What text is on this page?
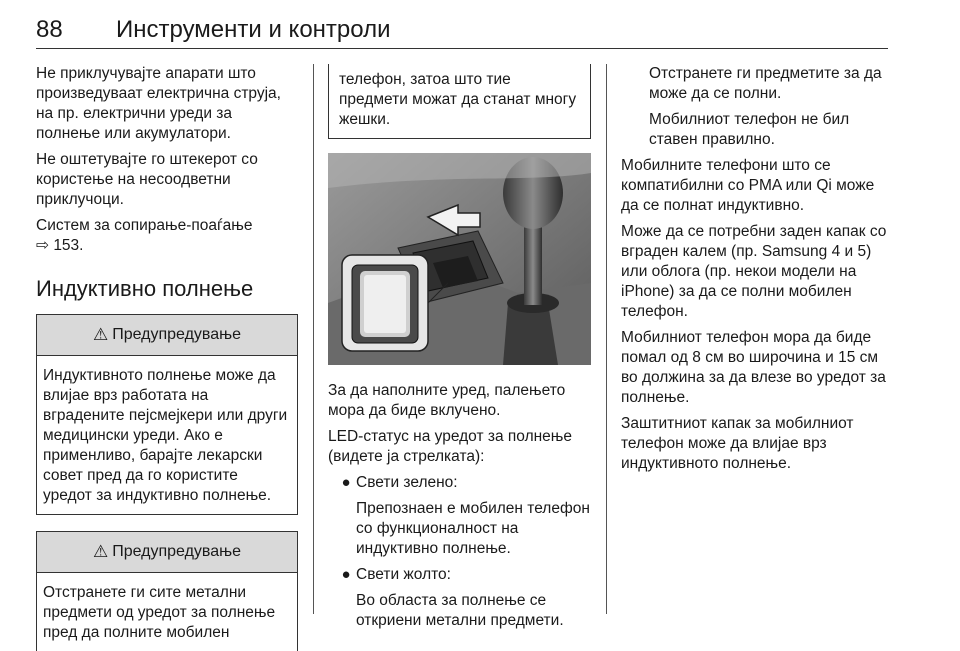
88 Инструменти и контроли

Не приклучувајте апарати што произведуваат електрична струја, на пр. електрични уреди за полнење или акумулатори.

Не оштетувајте го штекерот со користење на несоодветни приклучоци.

Систем за сопирање-поаѓање

⇨ 153.

Индуктивно полнење
⚠ Предупредување

Индуктивното полнење може да влијае врз работата на вградените пејсмејкери или други медицински уреди. Ако е применливо, барајте лекарски совет пред да го користите уредот за индуктивно полнење.

⚠ Предупредување

Отстранете ги сите метални предмети од уредот за полнење пред да полните мобилен

телефон, затоа што тие предмети можат да станат многу жешки.

За да наполните уред, палењето мора да биде вклучено.

LED-статус на уредот за полнење (видете ја стрелката):

● Свети зелено:

Препознаен е мобилен телефон со функционалност на индуктивно полнење.

● Свети жолто:

Во областа за полнење се откриени метални предмети.

Отстранете ги предметите за да може да се полни.

Мобилниот телефон не бил ставен правилно.

Мобилните телефони што се компатибилни со PMA или Qi може да се полнат индуктивно.

Може да се потребни заден капак со вграден калем (пр. Samsung 4 и 5) или облога (пр. некои модели на iPhone) за да се полни мобилен телефон.

Мобилниот телефон мора да биде помал од 8 см во широчина и 15 см во должина за да влезе во уредот за полнење.

Заштитниот капак за мобилниот телефон може да влијае врз индуктивното полнење.
